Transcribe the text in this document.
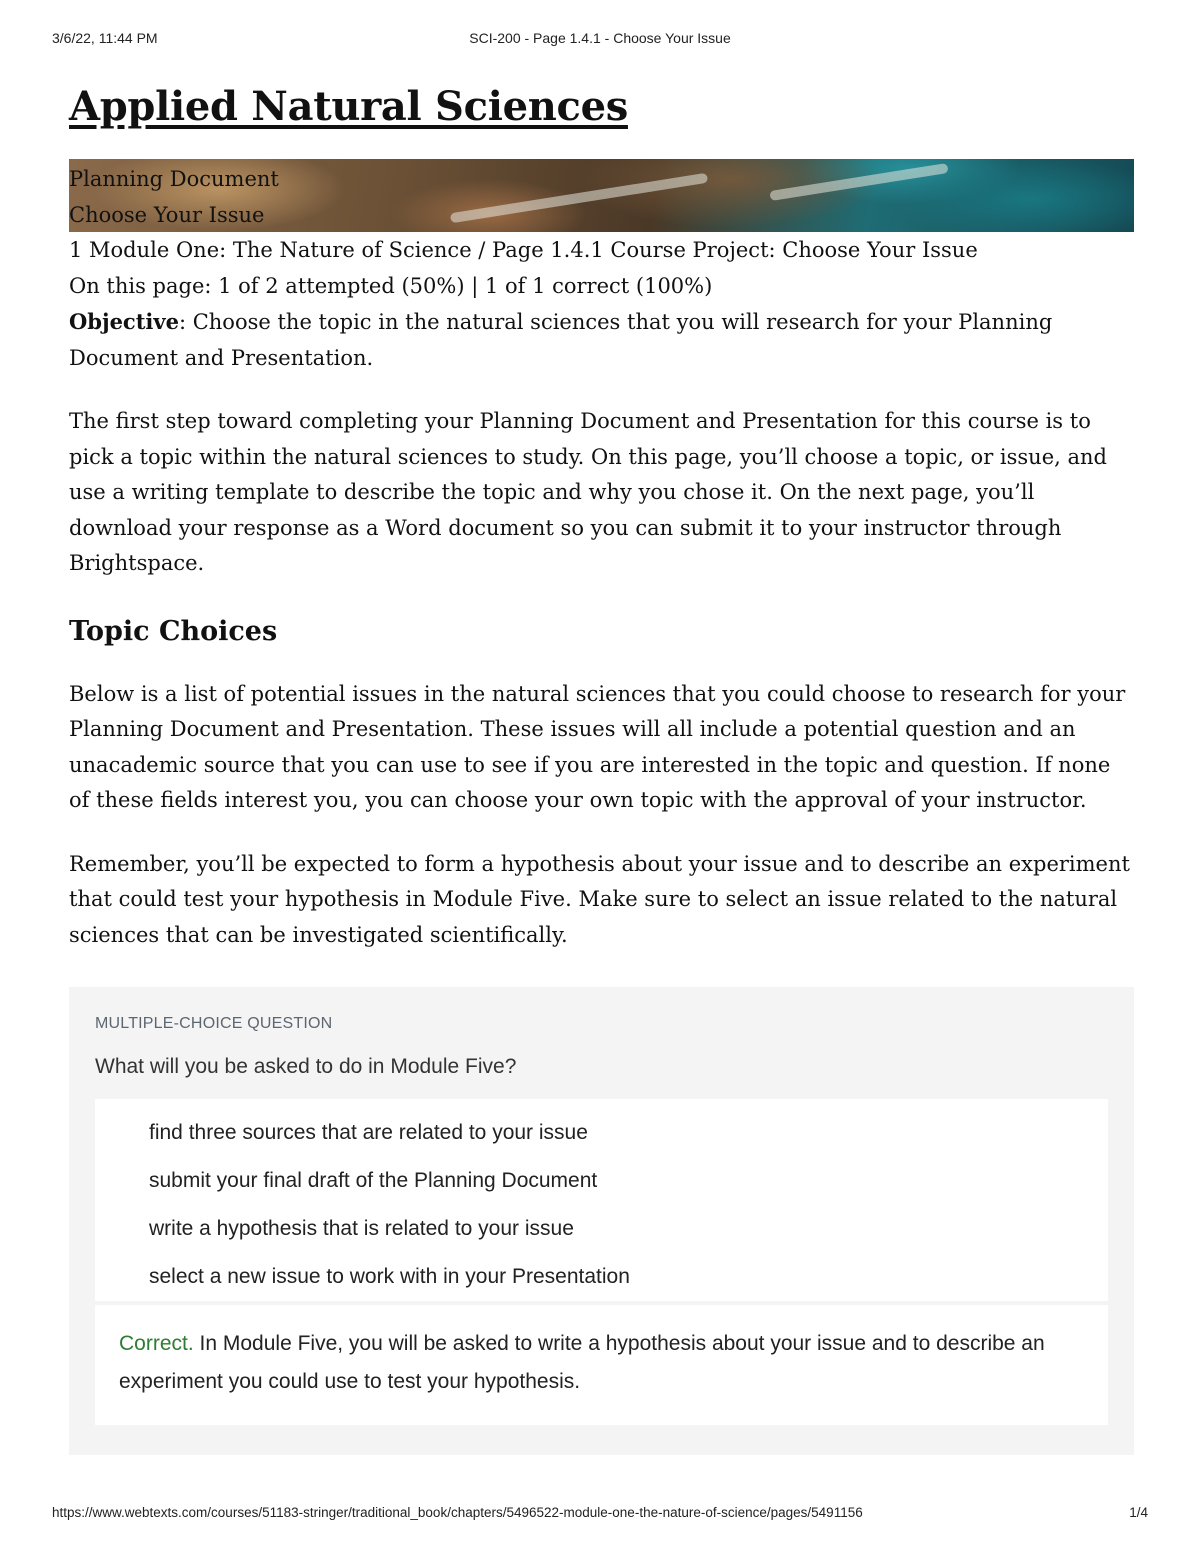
3/6/22, 11:44 PM	SCI-200 - Page 1.4.1 - Choose Your Issue
Applied Natural Sciences
Planning Document
Choose Your Issue
1 Module One: The Nature of Science / Page 1.4.1 Course Project: Choose Your Issue
On this page: 1 of 2 attempted (50%) | 1 of 1 correct (100%)

Objective: Choose the topic in the natural sciences that you will research for your Planning Document and Presentation.

The first step toward completing your Planning Document and Presentation for this course is to pick a topic within the natural sciences to study. On this page, you’ll choose a topic, or issue, and use a writing template to describe the topic and why you chose it. On the next page, you’ll download your response as a Word document so you can submit it to your instructor through Brightspace.

Topic Choices

Below is a list of potential issues in the natural sciences that you could choose to research for your Planning Document and Presentation. These issues will all include a potential question and an unacademic source that you can use to see if you are interested in the topic and question. If none of these fields interest you, you can choose your own topic with the approval of your instructor.

Remember, you’ll be expected to form a hypothesis about your issue and to describe an experiment that could test your hypothesis in Module Five. Make sure to select an issue related to the natural sciences that can be investigated scientifically.

MULTIPLE-CHOICE QUESTION
What will you be asked to do in Module Five?
find three sources that are related to your issue
submit your final draft of the Planning Document
write a hypothesis that is related to your issue
select a new issue to work with in your Presentation
Correct. In Module Five, you will be asked to write a hypothesis about your issue and to describe an experiment you could use to test your hypothesis.
https://www.webtexts.com/courses/51183-stringer/traditional_book/chapters/5496522-module-one-the-nature-of-science/pages/5491156	1/4
